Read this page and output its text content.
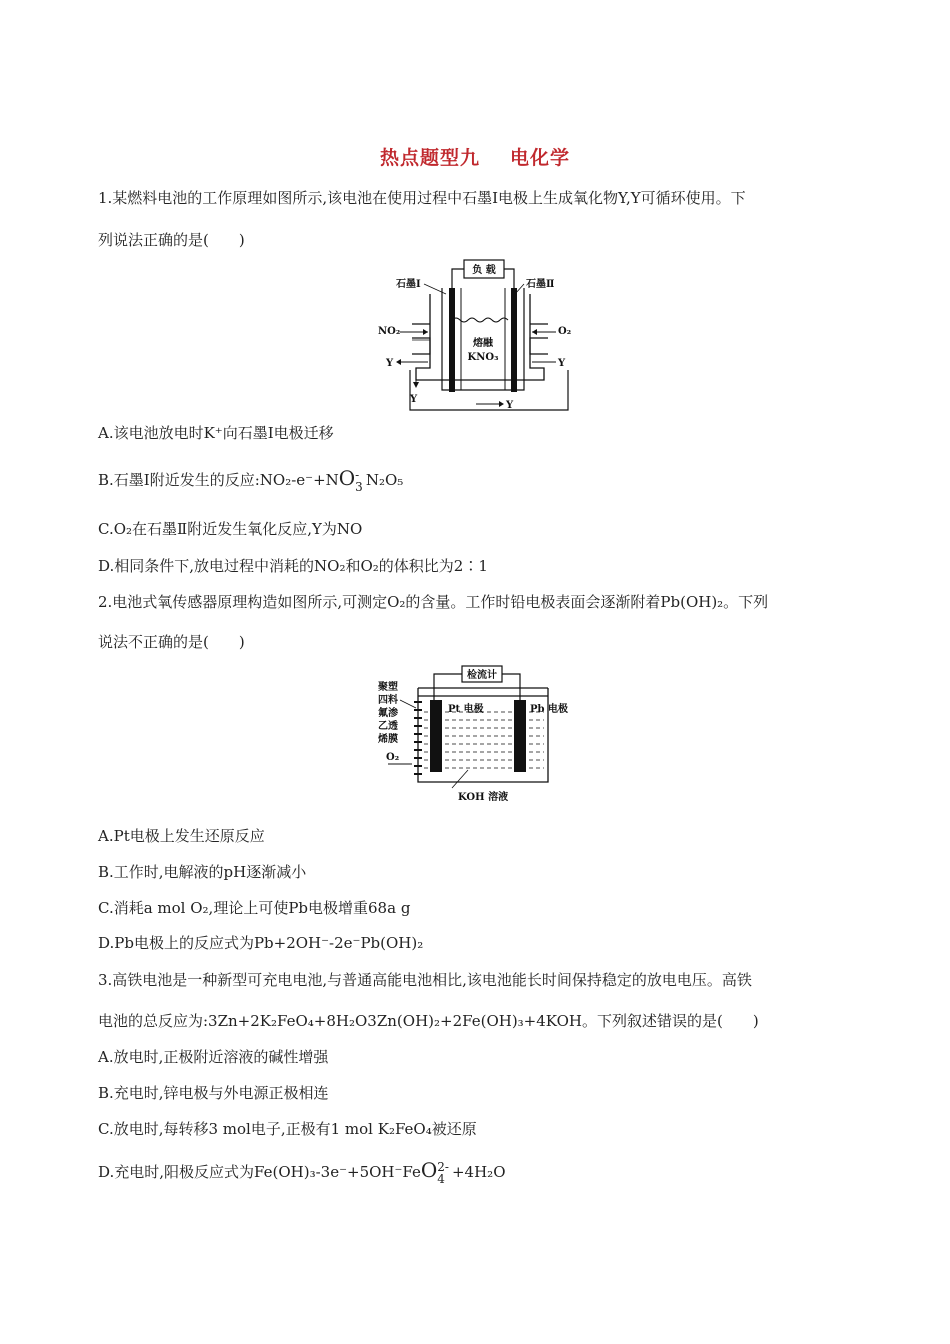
热点题型九 电化学
1.某燃料电池的工作原理如图所示,该电池在使用过程中石墨Ⅰ电极上生成氧化物Y,Y可循环使用。下
列说法正确的是(　　)
负 载
石墨Ⅰ	石墨Ⅱ
熔融
KNO₃
NO₂	O₂
Y	Y
Y
Y
A.该电池放电时K⁺向石墨Ⅰ电极迁移
B.石墨Ⅰ附近发生的反应:NO₂-e⁻+NO -
3 N₂O₅
C.O₂在石墨Ⅱ附近发生氧化反应,Y为NO
D.相同条件下,放电过程中消耗的NO₂和O₂的体积比为2∶1
2.电池式氧传感器原理构造如图所示,可测定O₂的含量。工作时铅电极表面会逐渐附着Pb(OH)₂。下列
说法不正确的是(　　)
检流计
Pt 电极	Pb 电极
聚塑
四料
氟渗
乙透
烯膜
O₂
KOH 溶液
A.Pt电极上发生还原反应
B.工作时,电解液的pH逐渐减小
C.消耗a mol O₂,理论上可使Pb电极增重68a g
D.Pb电极上的反应式为Pb+2OH⁻-2e⁻Pb(OH)₂
3.高铁电池是一种新型可充电电池,与普通高能电池相比,该电池能长时间保持稳定的放电电压。高铁
电池的总反应为:3Zn+2K₂FeO₄+8H₂O3Zn(OH)₂+2Fe(OH)₃+4KOH。下列叙述错误的是(　　)
A.放电时,正极附近溶液的碱性增强
B.充电时,锌电极与外电源正极相连
C.放电时,每转移3 mol电子,正极有1 mol K₂FeO₄被还原
D.充电时,阳极反应式为Fe(OH)₃-3e⁻+5OH⁻FeO 2-
4 +4H₂O
